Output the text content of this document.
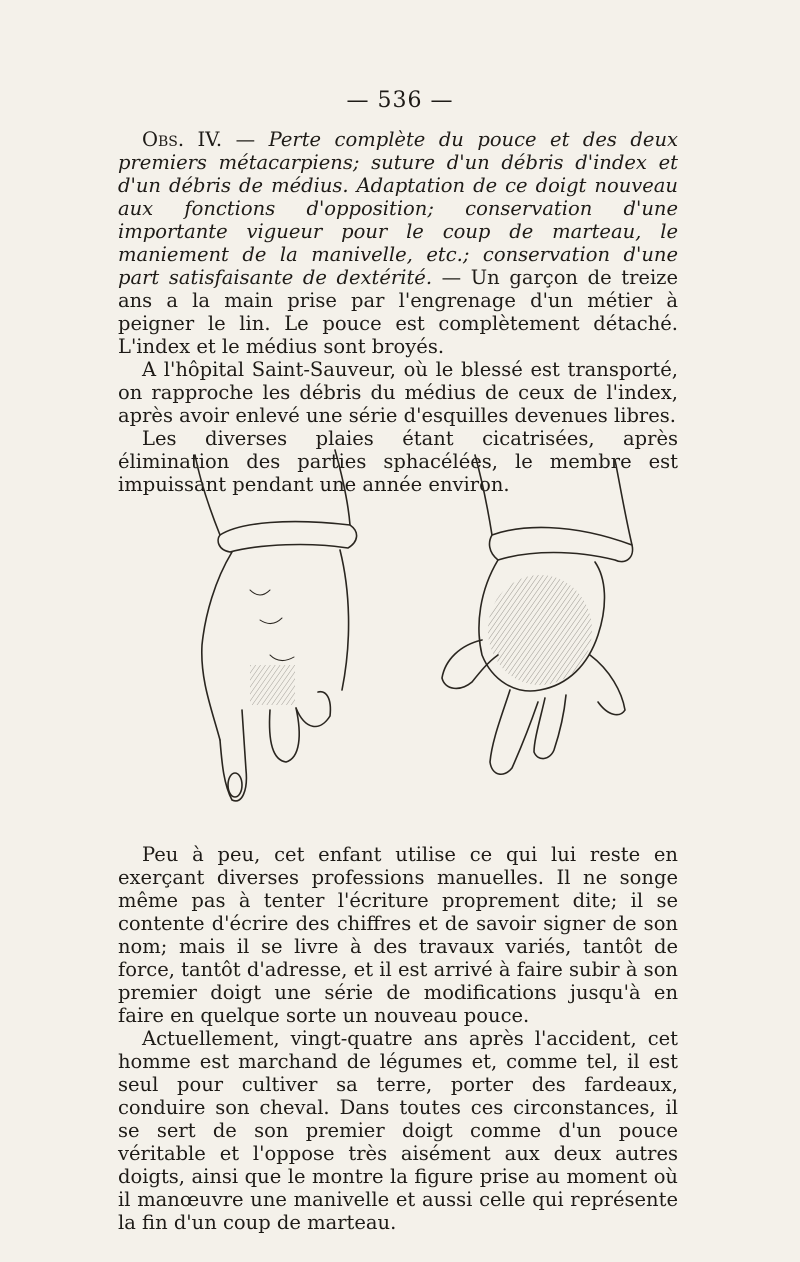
— 536 —

Obs. IV. — Perte complète du pouce et des deux premiers métacarpiens; suture d'un débris d'index et d'un débris de médius. Adaptation de ce doigt nouveau aux fonctions d'opposition; conservation d'une importante vigueur pour le coup de marteau, le maniement de la manivelle, etc.; conservation d'une part satisfaisante de dextérité. — Un garçon de treize ans a la main prise par l'engrenage d'un métier à peigner le lin. Le pouce est complètement détaché. L'index et le médius sont broyés.

A l'hôpital Saint-Sauveur, où le blessé est transporté, on rapproche les débris du médius de ceux de l'index, après avoir enlevé une série d'esquilles devenues libres.

Les diverses plaies étant cicatrisées, après élimination des parties sphacélées, le membre est impuissant pendant une année environ.

Peu à peu, cet enfant utilise ce qui lui reste en exerçant diverses professions manuelles. Il ne songe même pas à tenter l'écriture proprement dite; il se contente d'écrire des chiffres et de savoir signer de son nom; mais il se livre à des travaux variés, tantôt de force, tantôt d'adresse, et il est arrivé à faire subir à son premier doigt une série de modifications jusqu'à en faire en quelque sorte un nouveau pouce.

Actuellement, vingt-quatre ans après l'accident, cet homme est marchand de légumes et, comme tel, il est seul pour cultiver sa terre, porter des fardeaux, conduire son cheval. Dans toutes ces circonstances, il se sert de son premier doigt comme d'un pouce véritable et l'oppose très aisément aux deux autres doigts, ainsi que le montre la figure prise au moment où il manœuvre une manivelle et aussi celle qui représente la fin d'un coup de marteau.
